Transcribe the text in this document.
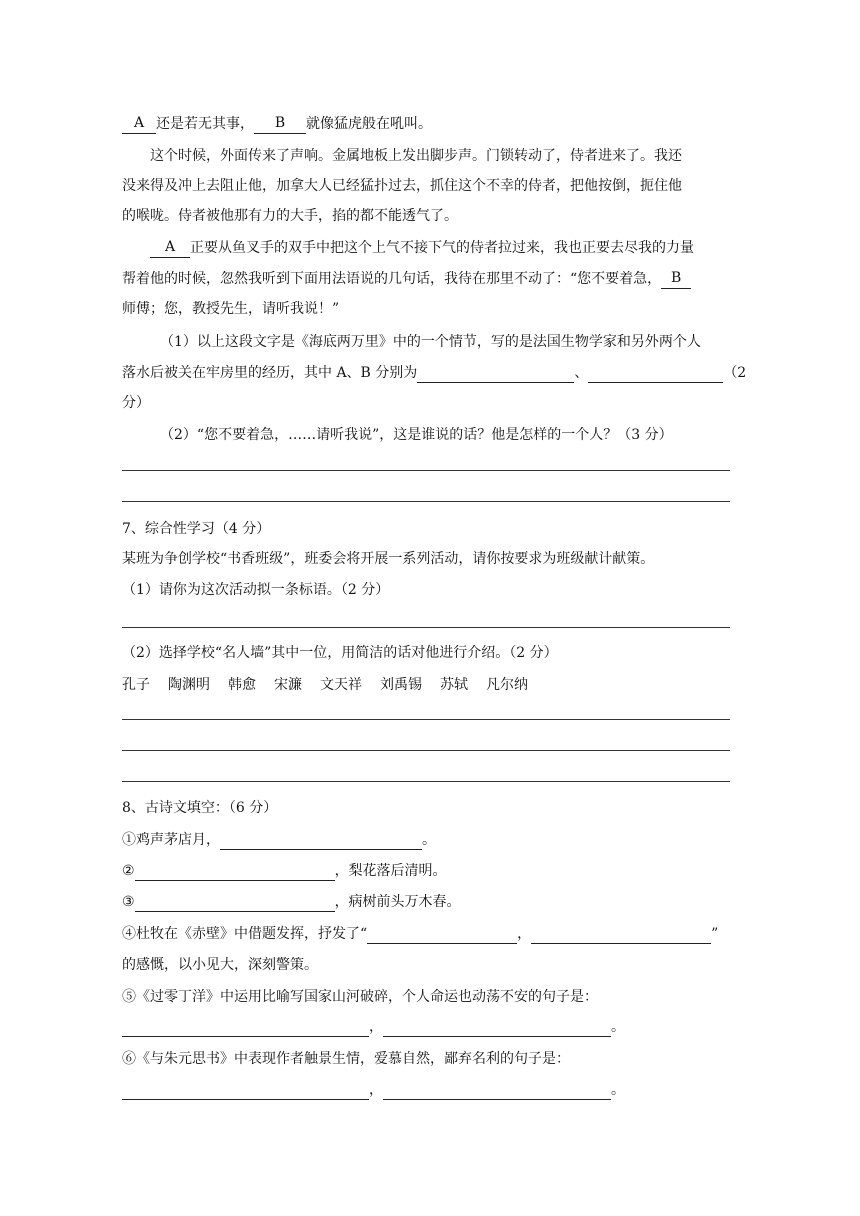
A 还是若无其事， B 就像猛虎般在吼叫。
这个时候，外面传来了声响。金属地板上发出脚步声。门锁转动了，侍者进来了。我还
没来得及冲上去阻止他，加拿大人已经猛扑过去，抓住这个不幸的侍者，把他按倒，扼住他
的喉咙。侍者被他那有力的大手，掐的都不能透气了。
A 正要从鱼叉手的双手中把这个上气不接下气的侍者拉过来，我也正要去尽我的力量
帮着他的时候，忽然我听到下面用法语说的几句话，我待在那里不动了：“您不要着急， B
师傅；您，教授先生，请听我说！”
（1）以上这段文字是《海底两万里》中的一个情节，写的是法国生物学家和另外两个人
落水后被关在牢房里的经历，其中 A、B 分别为	、	（2
分）
（2）“您不要着急，……请听我说”，这是谁说的话？他是怎样的一个人？（3 分）
7、综合性学习（4 分）
某班为争创学校“书香班级”，班委会将开展一系列活动，请你按要求为班级献计献策。
（1）请你为这次活动拟一条标语。（2 分）
（2）选择学校“名人墙”其中一位，用简洁的话对他进行介绍。（2 分）
孔子 陶渊明 韩愈 宋濂 文天祥 刘禹锡 苏轼 凡尔纳
8、古诗文填空：（6 分）
①鸡声茅店月，	。
②	，梨花落后清明。
③	，病树前头万木春。
④杜牧在《赤壁》中借题发挥，抒发了“	，	”
的感慨，以小见大，深刻警策。
⑤《过零丁洋》中运用比喻写国家山河破碎，个人命运也动荡不安的句子是：
，	。
⑥《与朱元思书》中表现作者触景生情，爱慕自然，鄙弃名利的句子是：
，	。
